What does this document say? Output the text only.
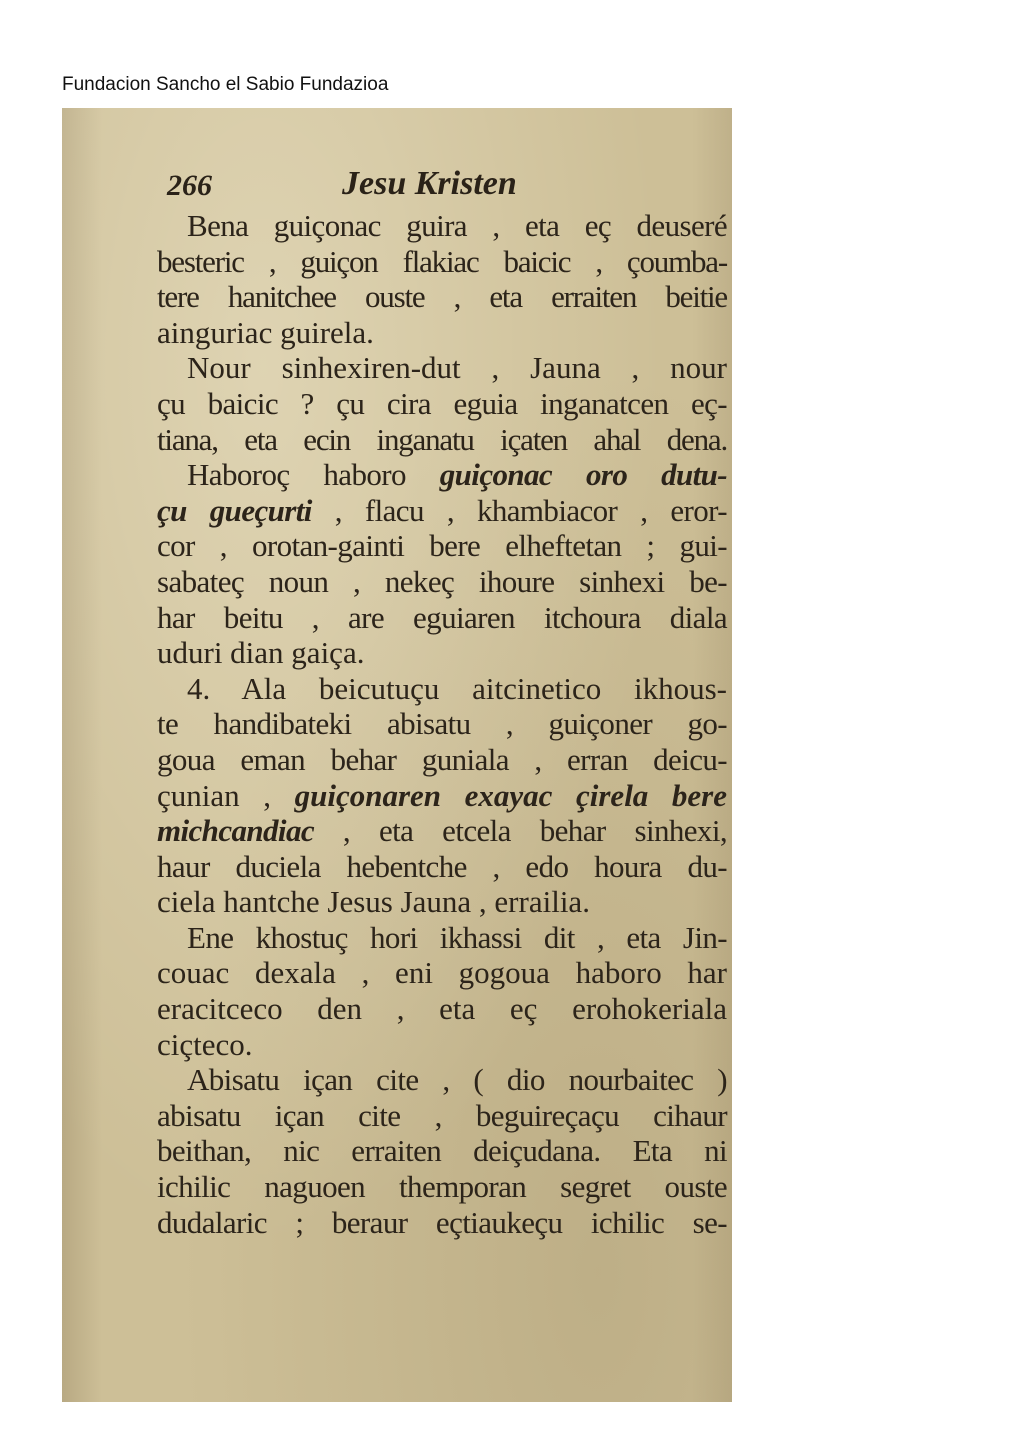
Fundacion Sancho el Sabio Fundazioa
266	Jesu Kristen
Bena guiçonac guira , eta eç deuseré
besteric , guiçon flakiac baicic , çoumba-
tere hanitchee ouste , eta erraiten beitie
ainguriac guirela.
Nour sinhexiren-dut , Jauna , nour
çu baicic ? çu cira eguia inganatcen eç-
tiana, eta ecin inganatu içaten ahal dena.
Haboroç haboro guiçonac oro dutu-
çu gueçurti , flacu , khambiacor , eror-
cor , orotan-gainti bere elheftetan ; gui-
sabateç noun , nekeç ihoure sinhexi be-
har beitu , are eguiaren itchoura diala
uduri dian gaiça.
4. Ala beicutuçu aitcinetico ikhous-
te handibateki abisatu , guiçoner go-
goua eman behar guniala , erran deicu-
çunian , guiçonaren exayac çirela bere
michcandiac , eta etcela behar sinhexi,
haur duciela hebentche , edo houra du-
ciela hantche Jesus Jauna , errailia.
Ene khostuç hori ikhassi dit , eta Jin-
couac dexala , eni gogoua haboro har
eracitceco den , eta eç erohokeriala
ciçteco.
Abisatu içan cite , ( dio nourbaitec )
abisatu içan cite , beguireçaçu cihaur
beithan, nic erraiten deiçudana. Eta ni
ichilic naguoen themporan segret ouste
dudalaric ; beraur eçtiaukeçu ichilic se-
